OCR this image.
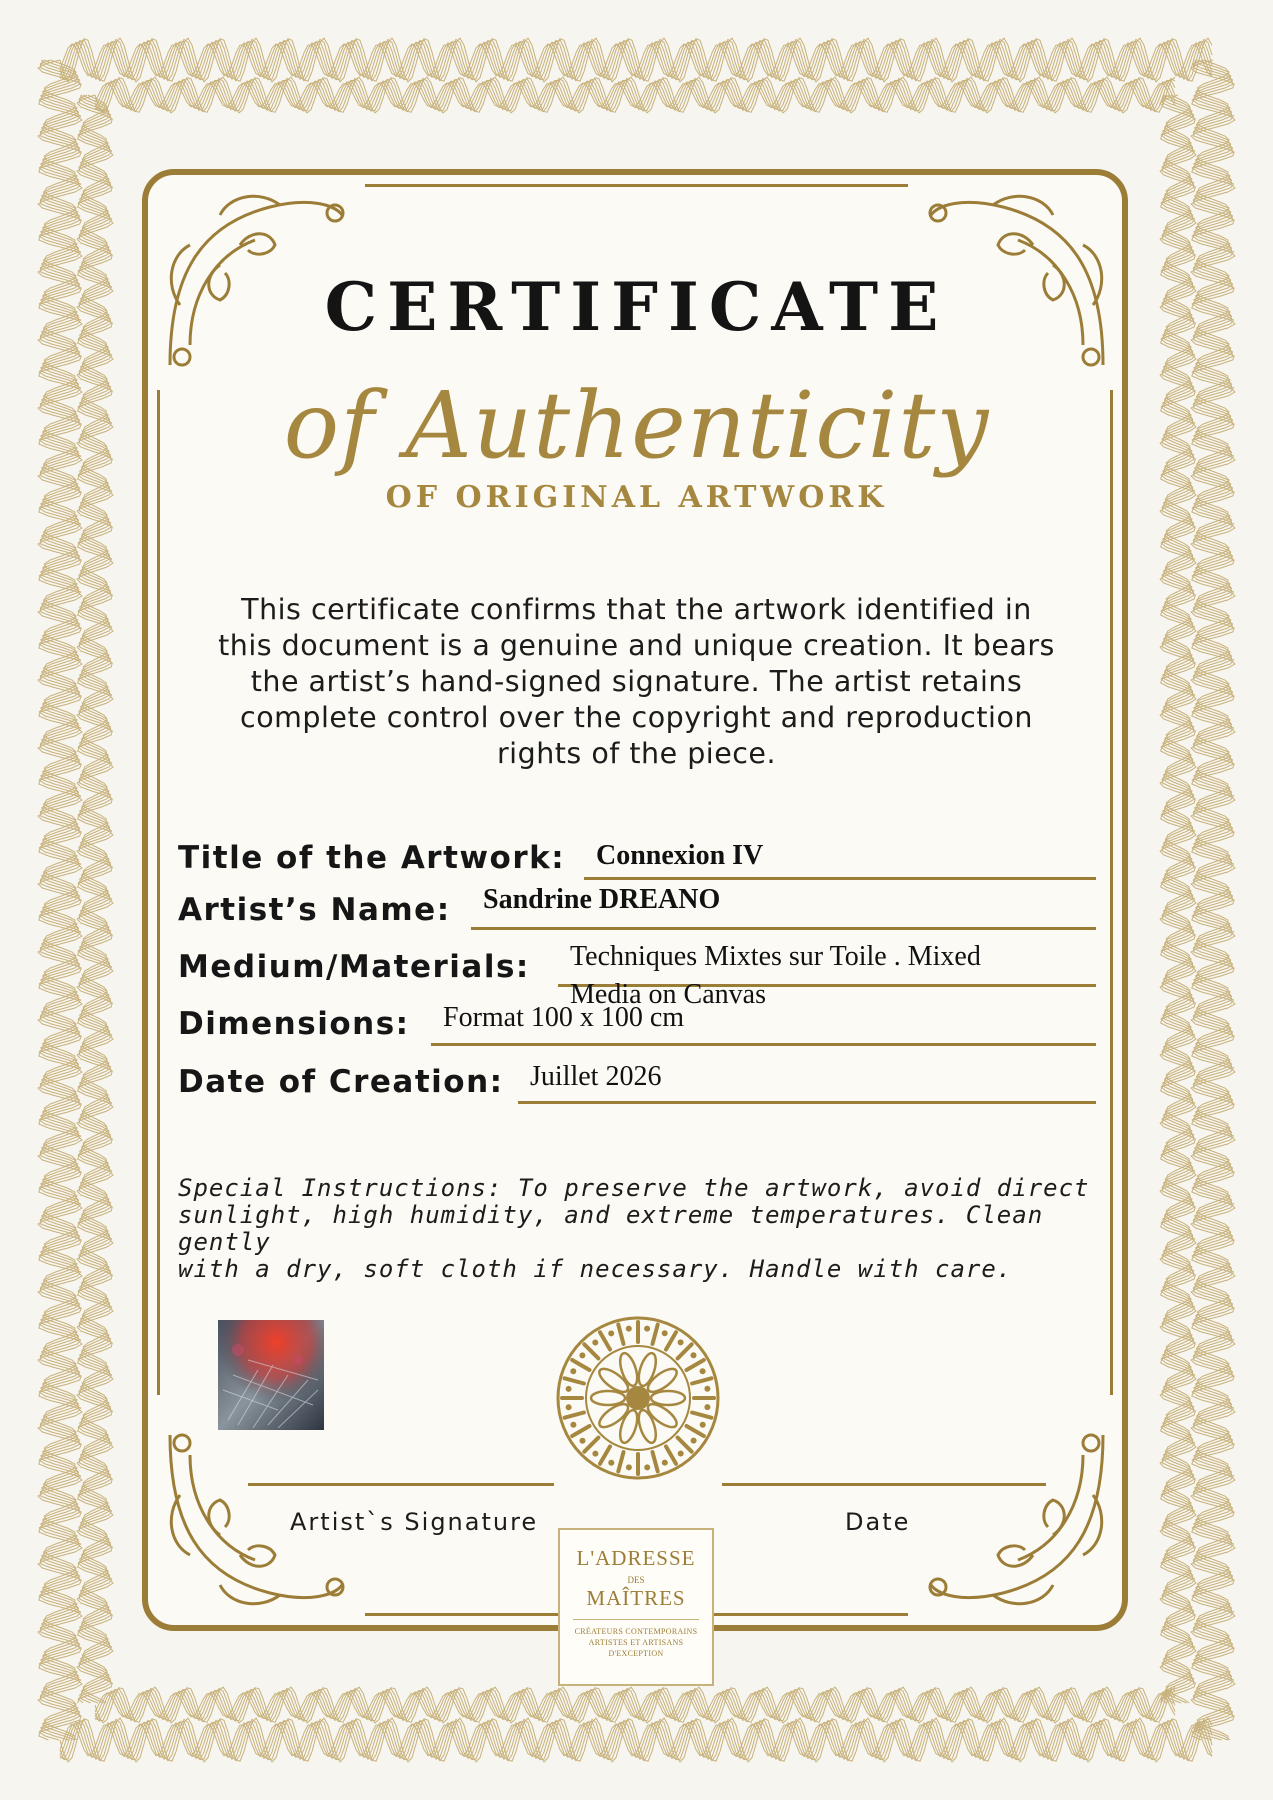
CERTIFICATE
of Authenticity
OF ORIGINAL ARTWORK
This certificate confirms that the artwork identified in
this document is a genuine and unique creation. It bears
the artist’s hand-signed signature. The artist retains
complete control over the copyright and reproduction
rights of the piece.
Title of the Artwork: Connexion IV
Artist’s Name: Sandrine DREANO
Medium/Materials: Techniques Mixtes sur Toile . Mixed
Media on Canvas
Dimensions: Format 100 x 100 cm
Date of Creation: Juillet 2026
Special Instructions: To preserve the artwork, avoid direct
sunlight, high humidity, and extreme temperatures. Clean gently
with a dry, soft cloth if necessary. Handle with care.
Artist`s Signature	Date
L'ADRESSE
DES
MAÎTRES
CRÉATEURS CONTEMPORAINS
ARTISTES ET ARTISANS
D'EXCEPTION
